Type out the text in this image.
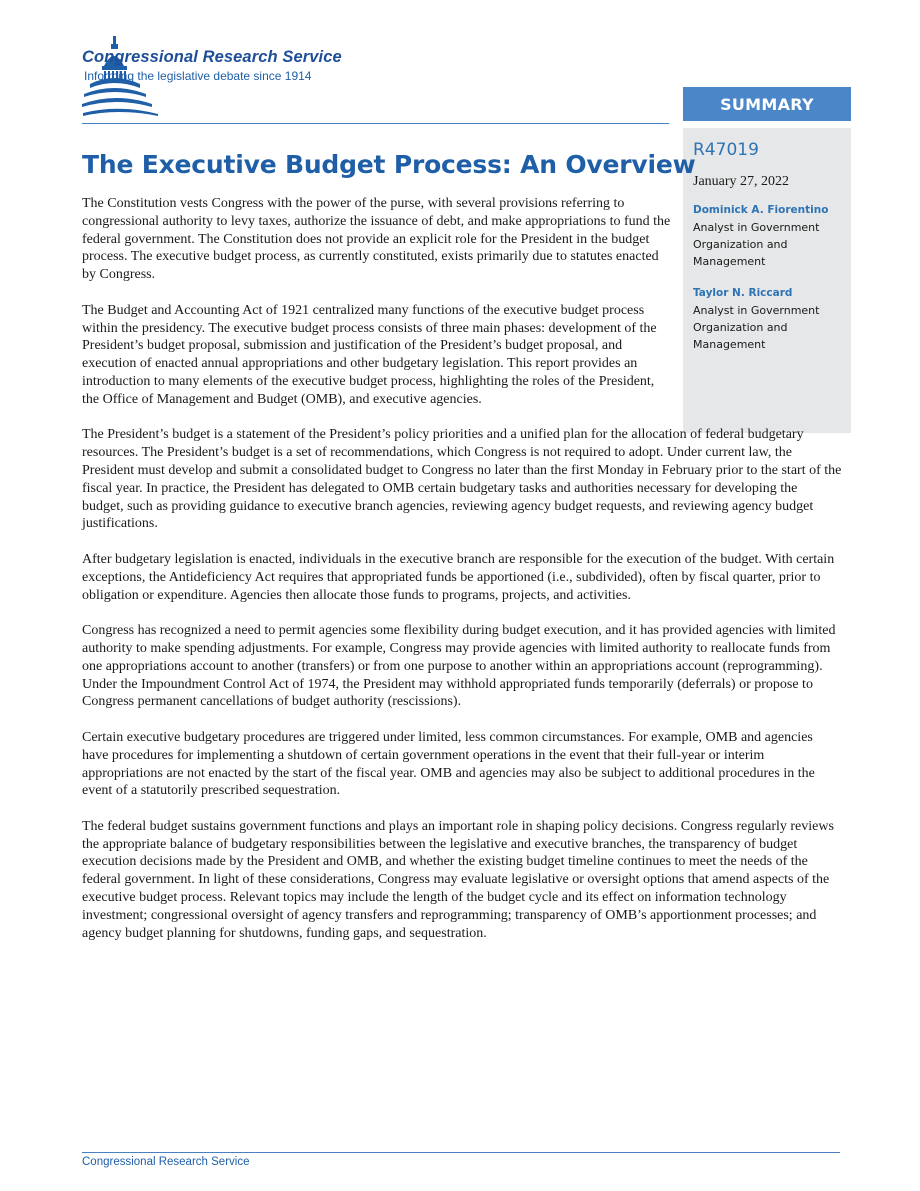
Congressional Research Service
Informing the legislative debate since 1914
SUMMARY
R47019
January 27, 2022
Dominick A. Fiorentino
Analyst in Government Organization and Management
Taylor N. Riccard
Analyst in Government Organization and Management
The Executive Budget Process: An Overview

The Constitution vests Congress with the power of the purse, with several provisions referring to congressional authority to levy taxes, authorize the issuance of debt, and make appropriations to fund the federal government. The Constitution does not provide an explicit role for the President in the budget process. The executive budget process, as currently constituted, exists primarily due to statutes enacted by Congress.

The Budget and Accounting Act of 1921 centralized many functions of the executive budget process within the presidency. The executive budget process consists of three main phases: development of the President’s budget proposal, submission and justification of the President’s budget proposal, and execution of enacted annual appropriations and other budgetary legislation. This report provides an introduction to many elements of the executive budget process, highlighting the roles of the President, the Office of Management and Budget (OMB), and executive agencies.

The President’s budget is a statement of the President’s policy priorities and a unified plan for the allocation of federal budgetary resources. The President’s budget is a set of recommendations, which Congress is not required to adopt. Under current law, the President must develop and submit a consolidated budget to Congress no later than the first Monday in February prior to the start of the fiscal year. In practice, the President has delegated to OMB certain budgetary tasks and authorities necessary for developing the budget, such as providing guidance to executive branch agencies, reviewing agency budget requests, and reviewing agency budget justifications.

After budgetary legislation is enacted, individuals in the executive branch are responsible for the execution of the budget. With certain exceptions, the Antideficiency Act requires that appropriated funds be apportioned (i.e., subdivided), often by fiscal quarter, prior to obligation or expenditure. Agencies then allocate those funds to programs, projects, and activities.

Congress has recognized a need to permit agencies some flexibility during budget execution, and it has provided agencies with limited authority to make spending adjustments. For example, Congress may provide agencies with limited authority to reallocate funds from one appropriations account to another (transfers) or from one purpose to another within an appropriations account (reprogramming). Under the Impoundment Control Act of 1974, the President may withhold appropriated funds temporarily (deferrals) or propose to Congress permanent cancellations of budget authority (rescissions).

Certain executive budgetary procedures are triggered under limited, less common circumstances. For example, OMB and agencies have procedures for implementing a shutdown of certain government operations in the event that their full-year or interim appropriations are not enacted by the start of the fiscal year. OMB and agencies may also be subject to additional procedures in the event of a statutorily prescribed sequestration.

The federal budget sustains government functions and plays an important role in shaping policy decisions. Congress regularly reviews the appropriate balance of budgetary responsibilities between the legislative and executive branches, the transparency of budget execution decisions made by the President and OMB, and whether the existing budget timeline continues to meet the needs of the federal government. In light of these considerations, Congress may evaluate legislative or oversight options that amend aspects of the executive budget process. Relevant topics may include the length of the budget cycle and its effect on information technology investment; congressional oversight of agency transfers and reprogramming; transparency of OMB’s apportionment processes; and agency budget planning for shutdowns, funding gaps, and sequestration.

Congressional Research Service
